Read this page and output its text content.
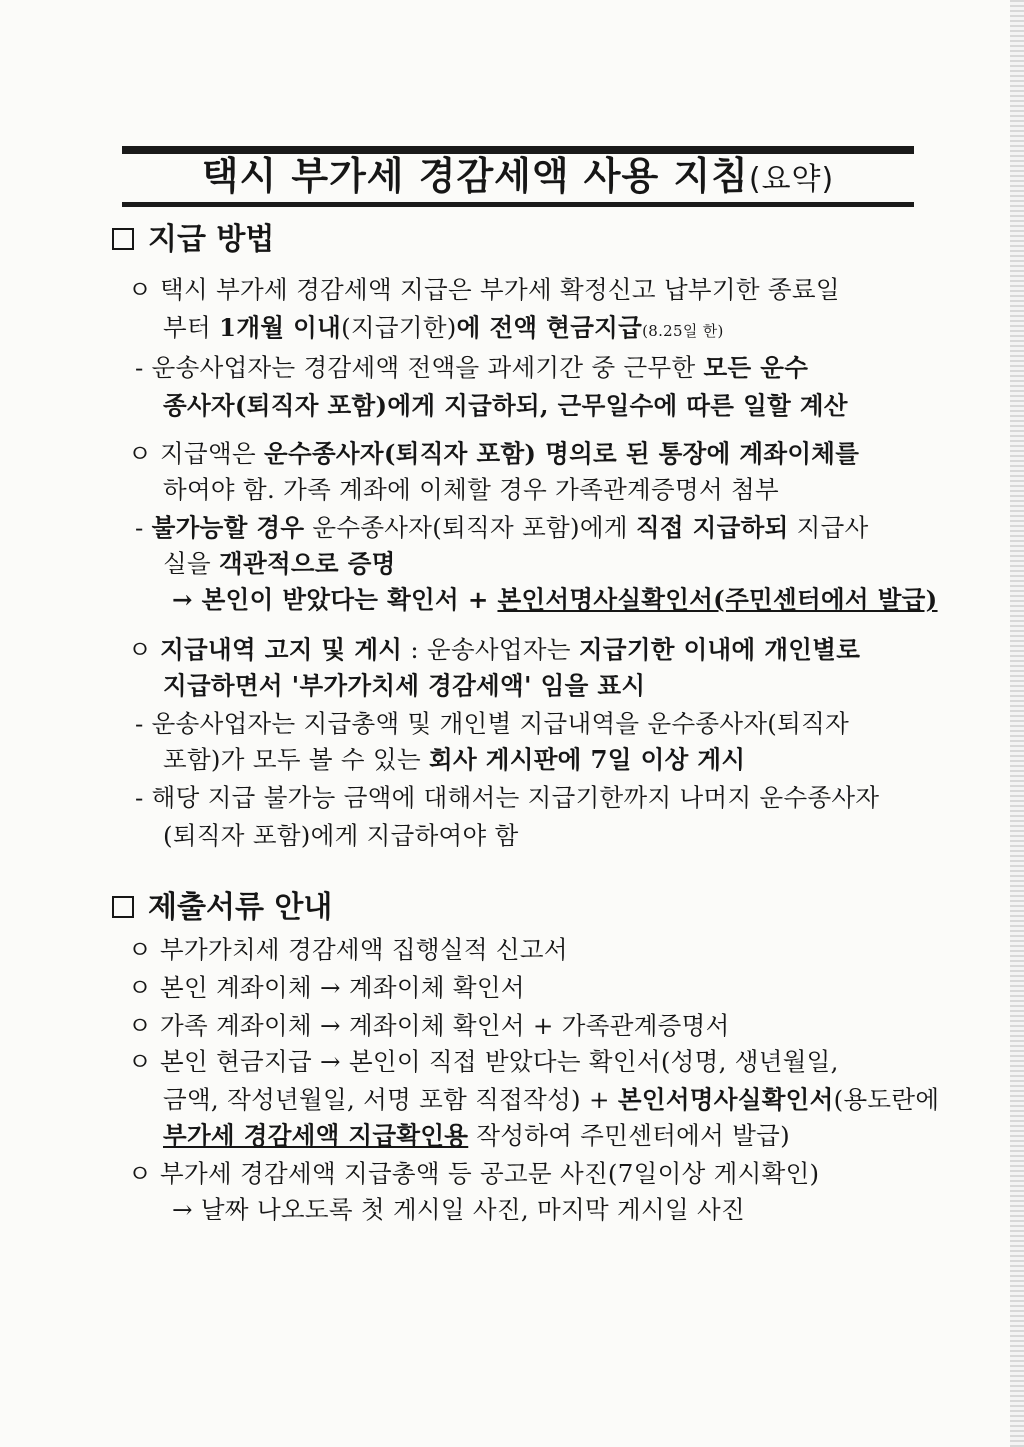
택시 부가세 경감세액 사용 지침(요약)
지급 방법
ㅇ 택시 부가세 경감세액 지급은 부가세 확정신고 납부기한 종료일
부터 1개월 이내(지급기한)에 전액 현금지급(8.25일 한)
- 운송사업자는 경감세액 전액을 과세기간 중 근무한 모든 운수
종사자(퇴직자 포함)에게 지급하되, 근무일수에 따른 일할 계산
ㅇ 지급액은 운수종사자(퇴직자 포함) 명의로 된 통장에 계좌이체를
하여야 함. 가족 계좌에 이체할 경우 가족관계증명서 첨부
- 불가능할 경우 운수종사자(퇴직자 포함)에게 직접 지급하되 지급사
실을 객관적으로 증명
→ 본인이 받았다는 확인서 + 본인서명사실확인서(주민센터에서 발급)
ㅇ 지급내역 고지 및 게시 : 운송사업자는 지급기한 이내에 개인별로
지급하면서 '부가가치세 경감세액' 임을 표시
- 운송사업자는 지급총액 및 개인별 지급내역을 운수종사자(퇴직자
포함)가 모두 볼 수 있는 회사 게시판에 7일 이상 게시
- 해당 지급 불가능 금액에 대해서는 지급기한까지 나머지 운수종사자
(퇴직자 포함)에게 지급하여야 함
제출서류 안내
ㅇ 부가가치세 경감세액 집행실적 신고서
ㅇ 본인 계좌이체 → 계좌이체 확인서
ㅇ 가족 계좌이체 → 계좌이체 확인서 + 가족관계증명서
ㅇ 본인 현금지급 → 본인이 직접 받았다는 확인서(성명, 생년월일,
금액, 작성년월일, 서명 포함 직접작성) + 본인서명사실확인서(용도란에
부가세 경감세액 지급확인용 작성하여 주민센터에서 발급)
ㅇ 부가세 경감세액 지급총액 등 공고문 사진(7일이상 게시확인)
→ 날짜 나오도록 첫 게시일 사진, 마지막 게시일 사진
